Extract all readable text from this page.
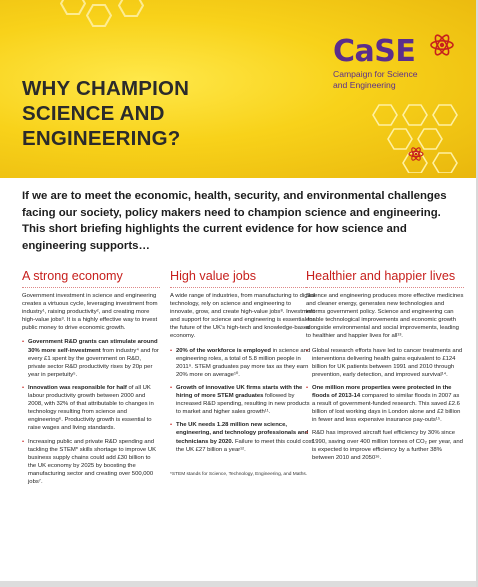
WHY CHAMPION
SCIENCE AND
ENGINEERING?
CaSE
Campaign for Science
and Engineering
If we are to meet the economic, health, security, and environmental challenges facing our society, policy makers need to champion science and engineering. This short briefing highlights the current evidence for how science and engineering supports…
A strong economy

Government investment in science and engineering creates a virtuous cycle, leveraging investment from industry¹, raising productivity², and creating more high-value jobs³. It is a highly effective way to invest public money to drive economic growth.

• Government R&D grants can stimulate around 30% more self-investment from industry⁴ and for every £1 spent by the government on R&D, private sector R&D productivity rises by 20p per year in perpetuity⁵.
• Innovation was responsible for half of all UK labour productivity growth between 2000 and 2008, with 32% of that attributable to changes in technology resulting from science and engineering⁶. Productivity growth is essential to raise wages and living standards.
• Increasing public and private R&D spending and tackling the STEM* skills shortage to improve UK business supply chains could add £30 billion to the UK economy by 2025 by boosting the manufacturing sector and creating over 500,000 jobs⁷.
High value jobs

A wide range of industries, from manufacturing to digital technology, rely on science and engineering to innovate, grow, and create high-value jobs⁸. Investment and support for science and engineering is essential for the future of the UK’s high-tech and knowledge-based economy.

• 20% of the workforce is employed in science and engineering roles, a total of 5.8 million people in 2011⁹. STEM graduates pay more tax as they earn 20% more on average¹⁰.
• Growth of innovative UK firms starts with the hiring of more STEM graduates followed by increased R&D spending, resulting in new products to market and higher sales growth¹¹.
• The UK needs 1.28 million new science, engineering, and technology professionals and technicians by 2020. Failure to meet this could cost the UK £27 billion a year¹².
*STEM stands for Science, Technology, Engineering, and Maths.
Healthier and happier lives

Science and engineering produces more effective medicines and cleaner energy, generates new technologies and informs government policy. Science and engineering can enable technological improvements and economic growth alongside environmental and social improvements, leading to healthier and happier lives for all¹³.

• Global research efforts have led to cancer treatments and interventions delivering health gains equivalent to £124 billion for UK patients between 1991 and 2010 through prevention, early detection, and improved survival¹⁴.
• One million more properties were protected in the floods of 2013-14 compared to similar floods in 2007 as a result of government-funded research. This saved £2.6 billion of lost working days in London alone and £2 billion in fewer and less expensive insurance pay-outs¹⁵.
• R&D has improved aircraft fuel efficiency by 30% since 1990, saving over 400 million tonnes of CO₂ per year, and is expected to improve efficiency by a further 38% between 2010 and 2050¹⁶.
